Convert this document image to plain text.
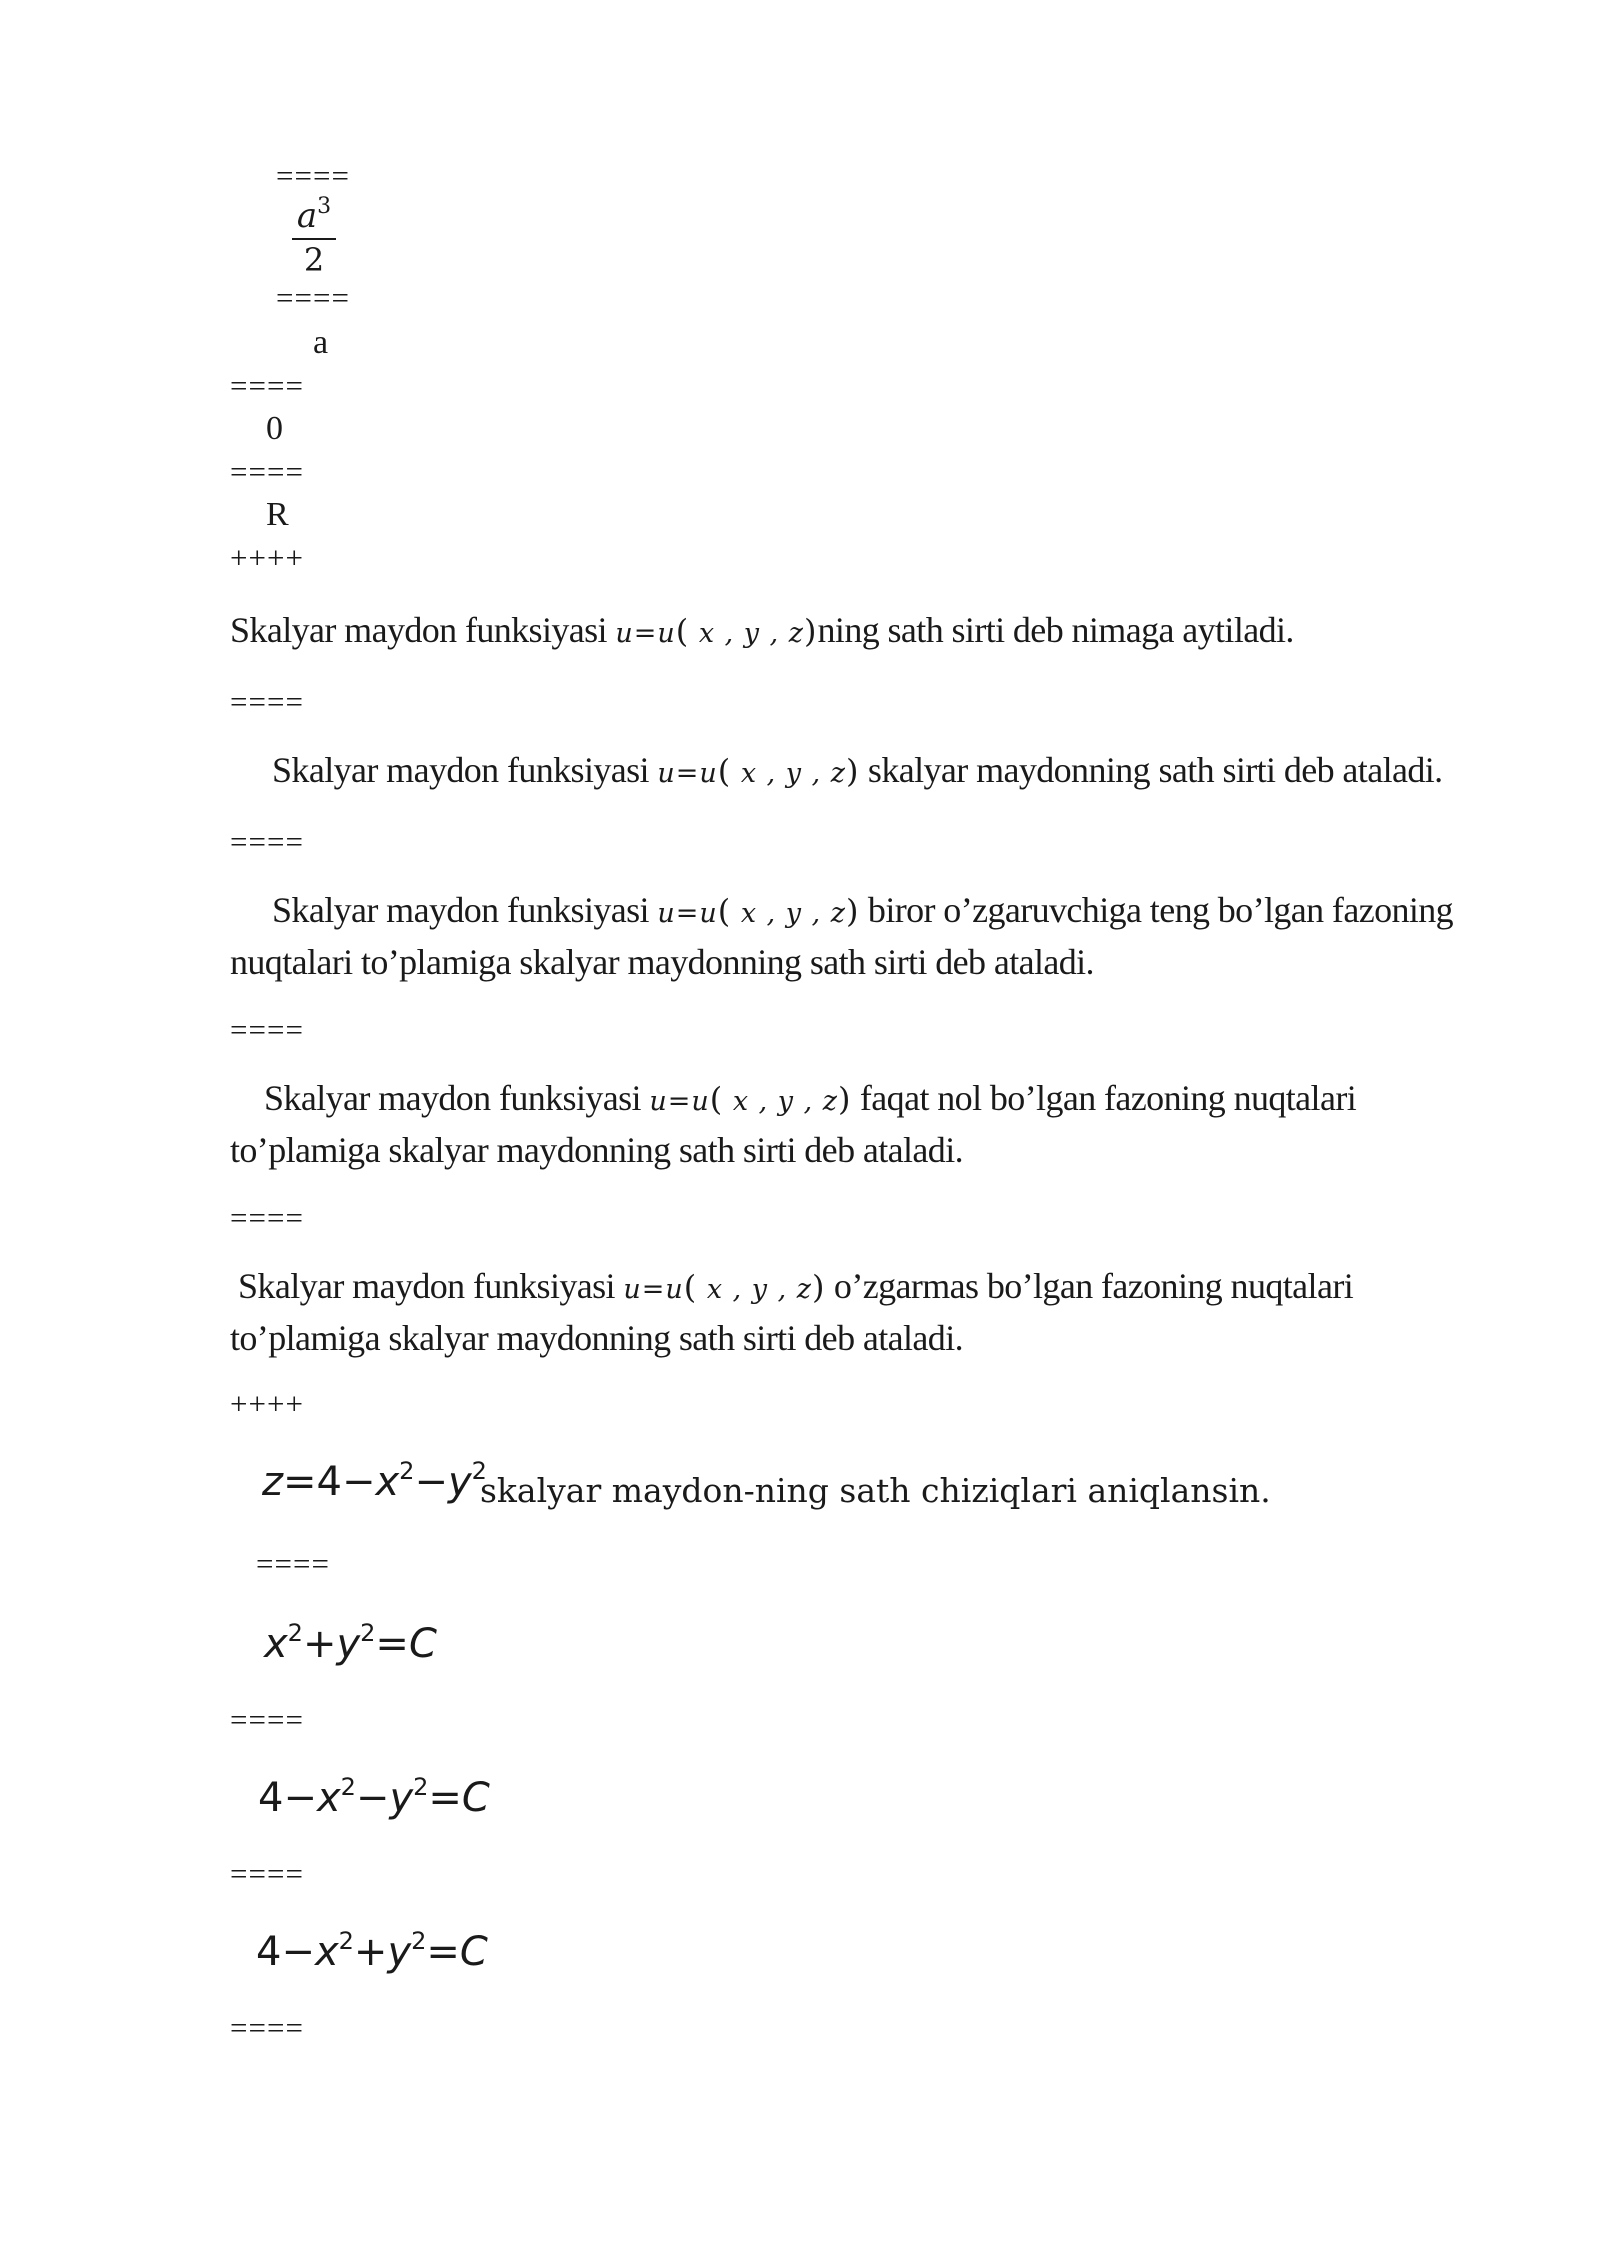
====
$a^3$
2
====
a
====
0
====
R
++++
Skalyar maydon funksiyasi u=u( x , y , z)ning sath sirti deb nimaga aytiladi.
====
Skalyar maydon funksiyasi u=u( x , y , z) skalyar maydonning sath sirti deb ataladi.
====
Skalyar maydon funksiyasi u=u( x , y , z) biror o’zgaruvchiga teng bo’lgan fazoning nuqtalari to’plamiga skalyar maydonning sath sirti deb ataladi.
====
Skalyar maydon funksiyasi u=u( x , y , z) faqat nol bo’lgan fazoning nuqtalari to’plamiga skalyar maydonning sath sirti deb ataladi.
====
Skalyar maydon funksiyasi u=u( x , y , z) o’zgarmas bo’lgan fazoning nuqtalari to’plamiga skalyar maydonning sath sirti deb ataladi.
++++
$z=4-x^2-y^2$
skalyar maydon-ning sath chiziqlari aniqlansin.
====
$x^2+y^2=C$
====
$4-x^2-y^2=C$
====
$4-x^2+y^2=C$
====
